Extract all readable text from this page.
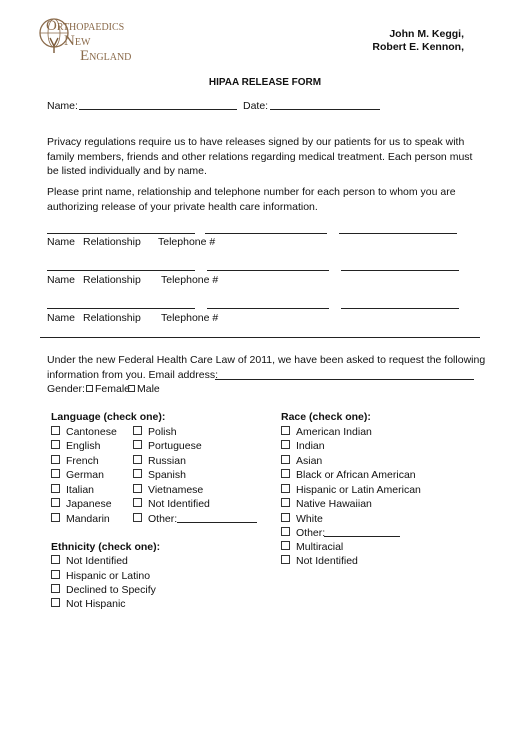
ORTHOPAEDICS
NEW
ENGLAND
John M. Keggi,
Robert E. Kennon,
HIPAA RELEASE FORM
Name:	Date:
Privacy regulations require us to have releases signed by our patients for us to speak with family members, friends and other relations regarding medical treatment. Each person must be listed individually and by name.
Please print name, relationship and telephone number for each person to whom you are authorizing release of your private health care information.
Name Relationship Telephone #
Name Relationship Telephone #
Name Relationship Telephone #
Under the new Federal Health Care Law of 2011, we have been asked to request the following
information from you. Email address:
Gender: Female Male
Language (check one):
Cantonese
English
French
German
Italian
Japanese
Mandarin
Polish
Portuguese
Russian
Spanish
Vietnamese
Not Identified
Other:
Race (check one):
American Indian
Indian
Asian
Black or African American
Hispanic or Latin American
Native Hawaiian
White
Other:
Multiracial
Not Identified
Ethnicity (check one):
Not Identified
Hispanic or Latino
Declined to Specify
Not Hispanic
